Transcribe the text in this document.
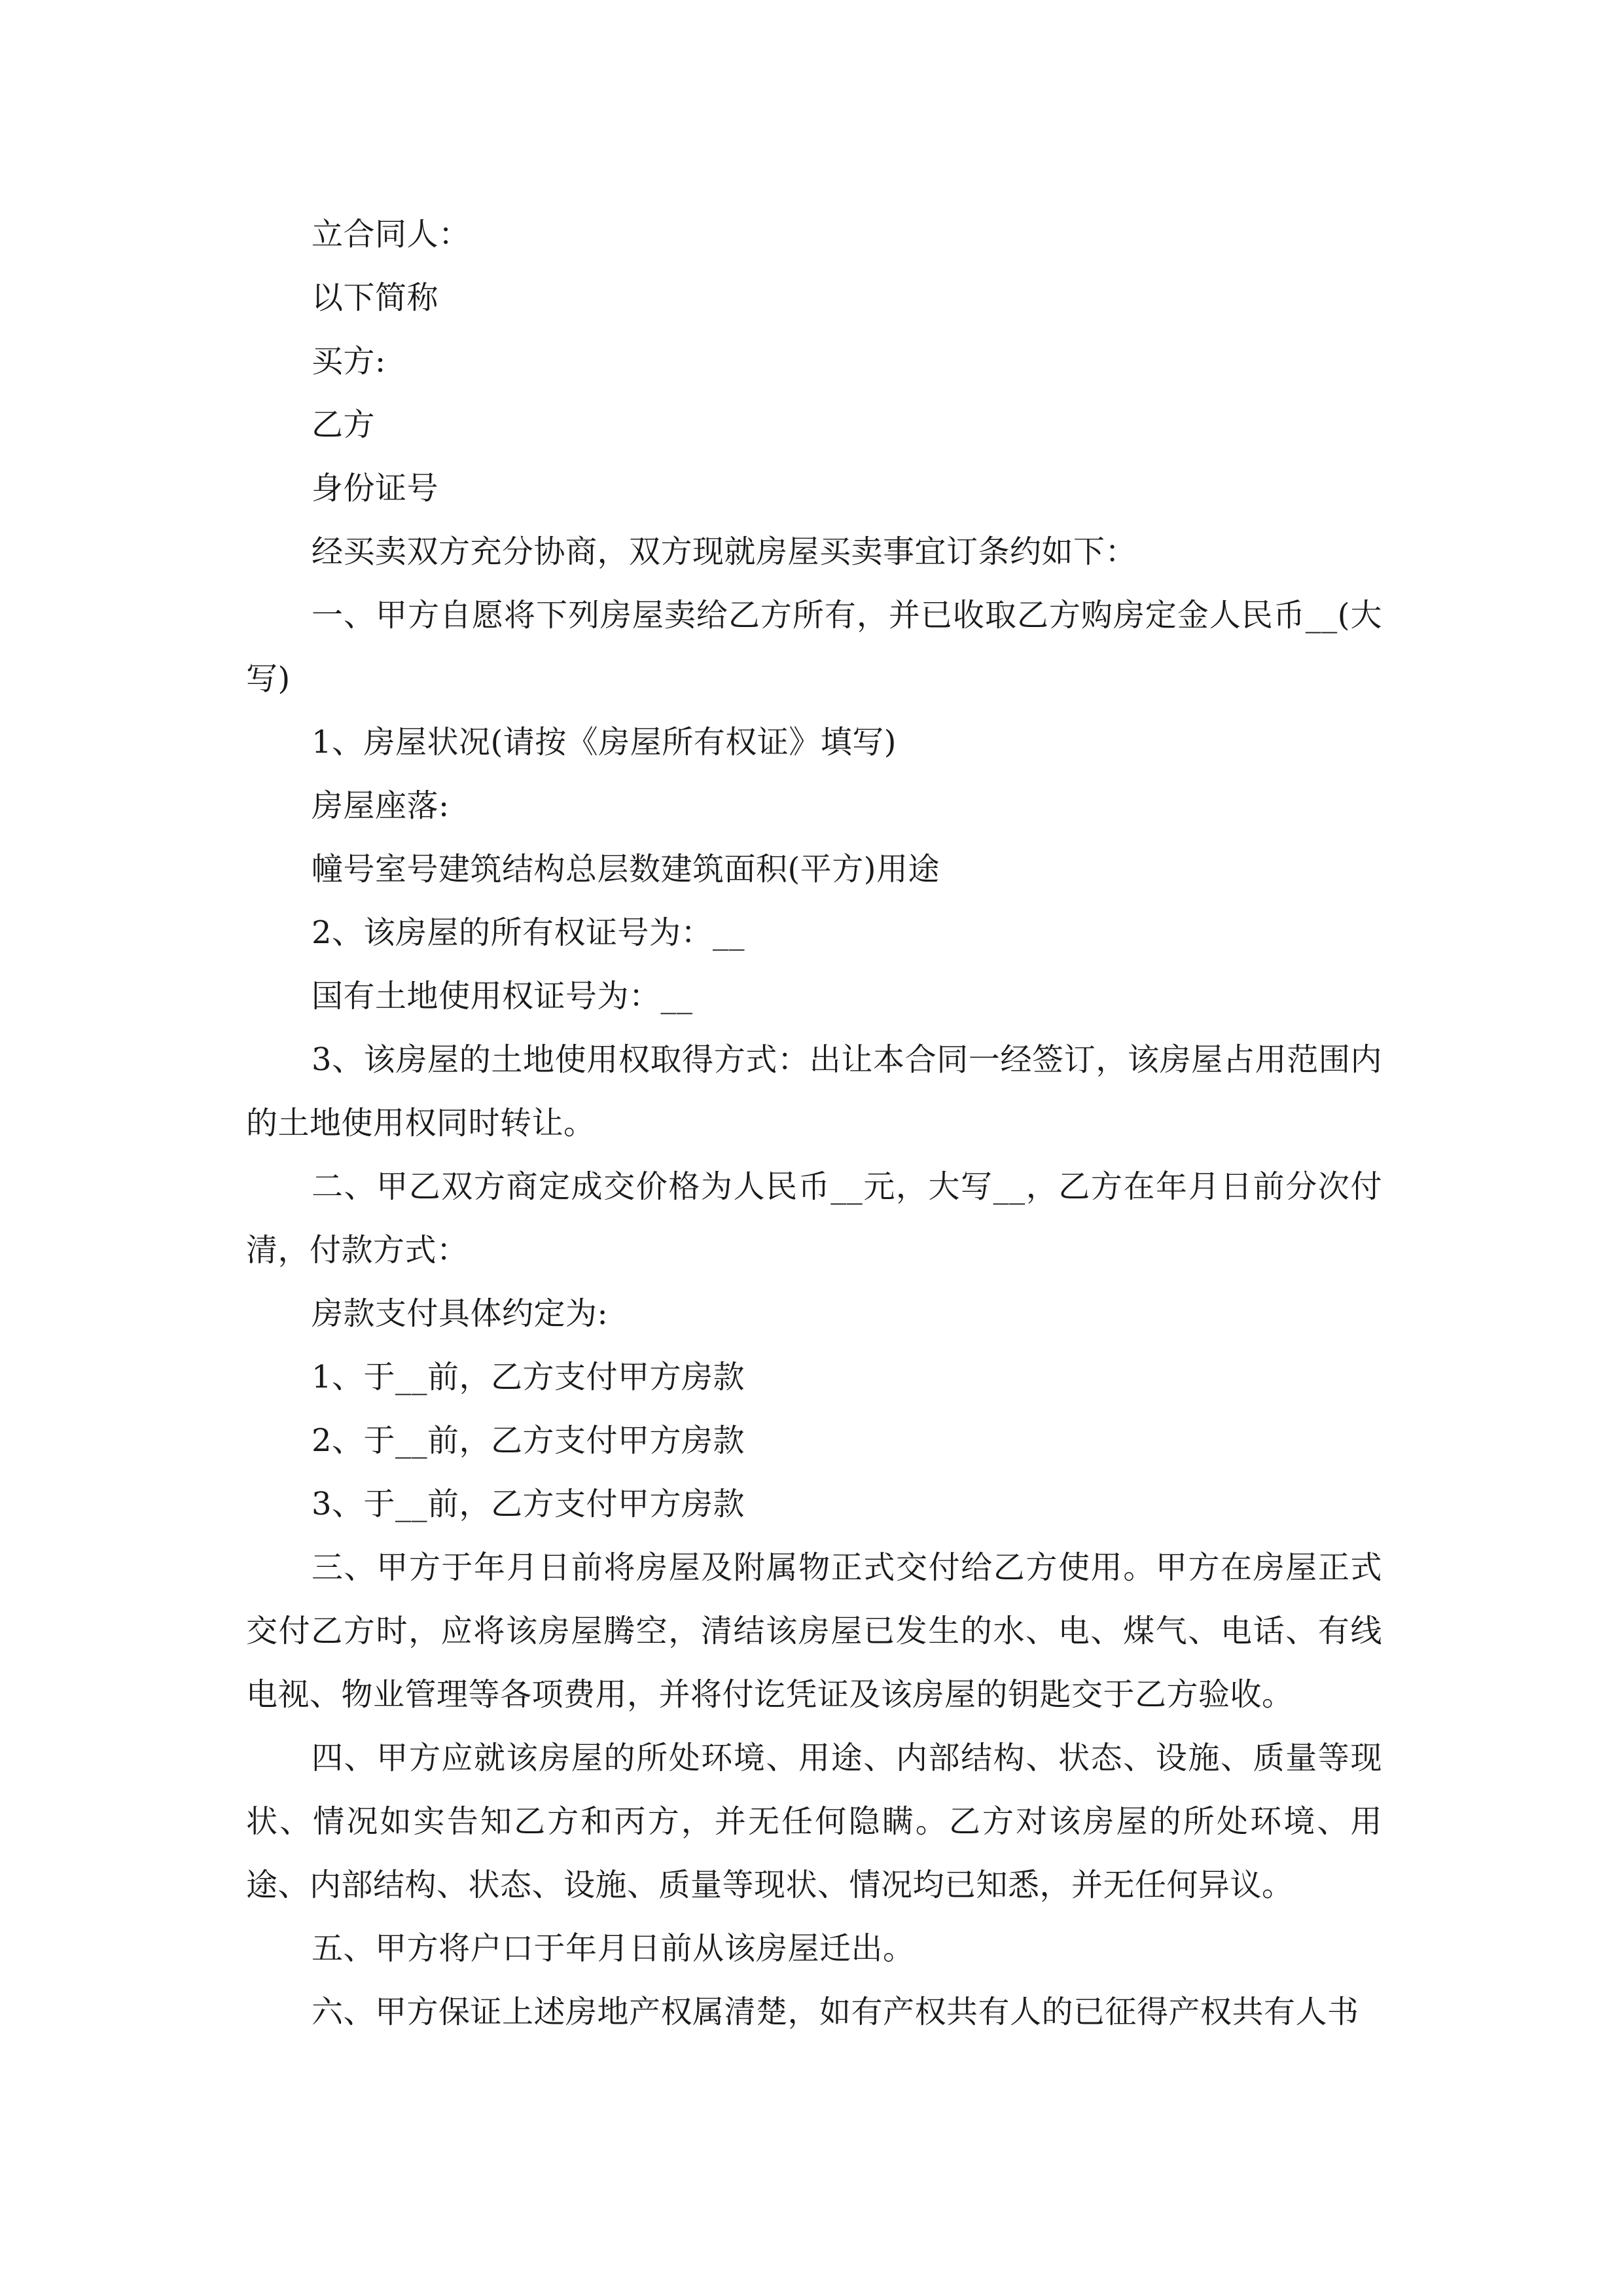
立合同人：

以下简称

买方:

乙方

身份证号

经买卖双方充分协商，双方现就房屋买卖事宜订条约如下：

一、甲方自愿将下列房屋卖给乙方所有，并已收取乙方购房定金人民币__(大写)

1、房屋状况(请按《房屋所有权证》填写)

房屋座落:

幢号室号建筑结构总层数建筑面积(平方)用途

2、该房屋的所有权证号为：__

国有土地使用权证号为：__

3、该房屋的土地使用权取得方式：出让本合同一经签订，该房屋占用范围内的土地使用权同时转让。

二、甲乙双方商定成交价格为人民币__元，大写__，乙方在年月日前分次付清，付款方式：

房款支付具体约定为:

1、于__前，乙方支付甲方房款

2、于__前，乙方支付甲方房款

3、于__前，乙方支付甲方房款

三、甲方于年月日前将房屋及附属物正式交付给乙方使用。甲方在房屋正式交付乙方时，应将该房屋腾空，清结该房屋已发生的水、电、煤气、电话、有线电视、物业管理等各项费用，并将付讫凭证及该房屋的钥匙交于乙方验收。

四、甲方应就该房屋的所处环境、用途、内部结构、状态、设施、质量等现状、情况如实告知乙方和丙方，并无任何隐瞒。乙方对该房屋的所处环境、用途、内部结构、状态、设施、质量等现状、情况均已知悉，并无任何异议。

五、甲方将户口于年月日前从该房屋迁出。

六、甲方保证上述房地产权属清楚，如有产权共有人的已征得产权共有人书
